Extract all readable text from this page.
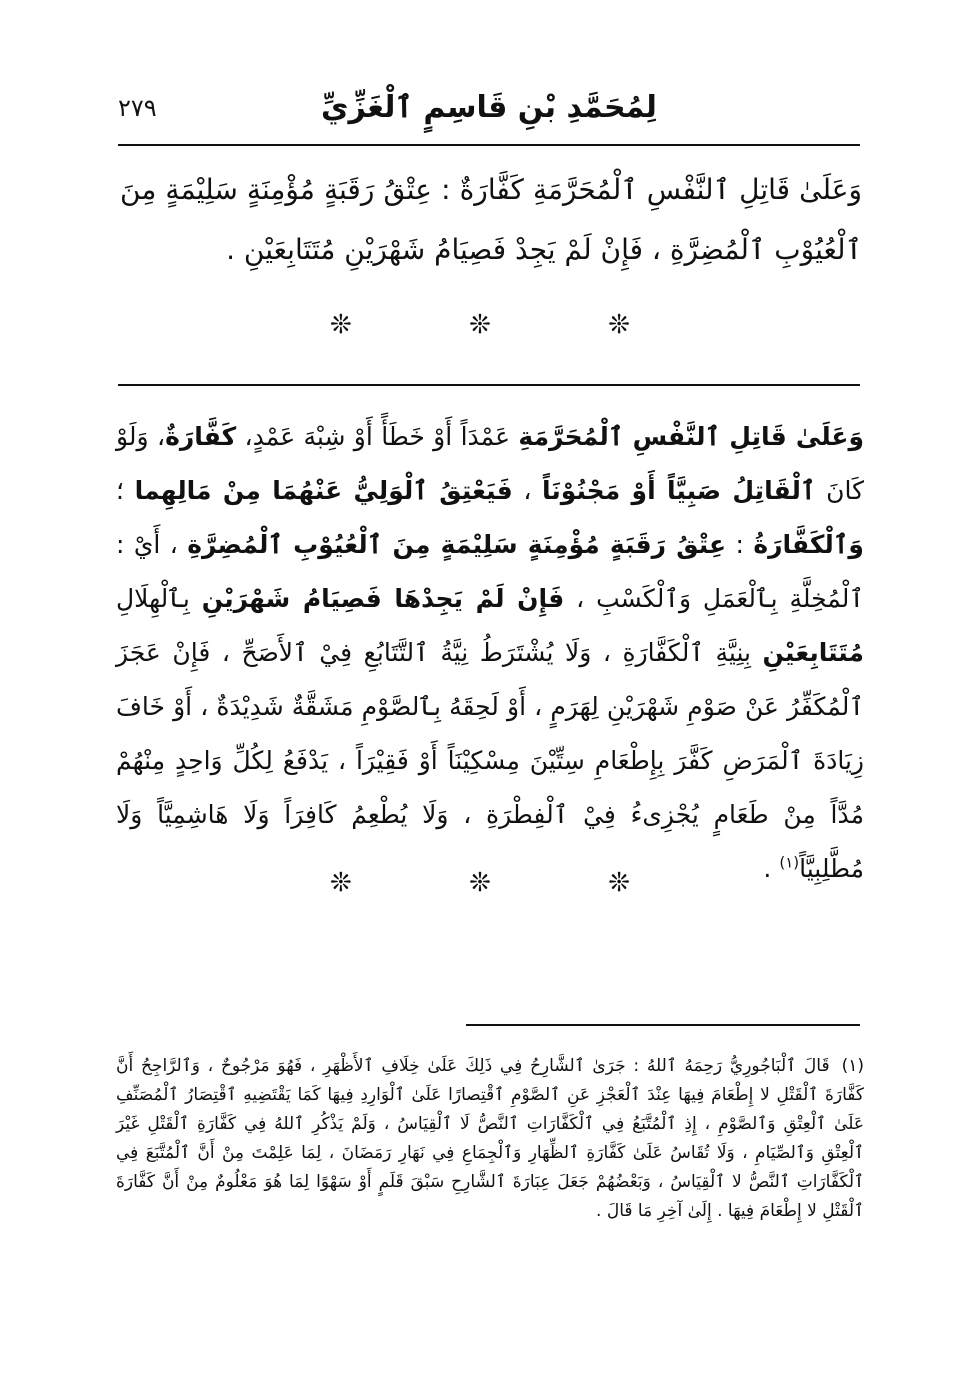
لِمُحَمَّدِ بْنِ قَاسِمٍ ٱلْغَزِّيِّ
٢٧٩
وَعَلَىٰ قَاتِلِ ٱلنَّفْسِ ٱلْمُحَرَّمَةِ كَفَّارَةٌ : عِتْقُ رَقَبَةٍ مُؤْمِنَةٍ سَلِيْمَةٍ مِنَ ٱلْعُيُوْبِ ٱلْمُضِرَّةِ ، فَإِنْ لَمْ يَجِدْ فَصِيَامُ شَهْرَيْنِ مُتَتَابِعَيْنِ .
❊	❊	❊

وَعَلَىٰ قَاتِلِ ٱلنَّفْسِ ٱلْمُحَرَّمَةِ عَمْدَاً أَوْ خَطَأً أَوْ شِبْهَ عَمْدٍ، كَفَّارَةٌ، وَلَوْ كَانَ ٱلْقَاتِلُ صَبِيَّاً أَوْ مَجْنُوْنَاً ، فَيَعْتِقُ ٱلْوَلِيُّ عَنْهُمَا مِنْ مَالِهِما ؛ وَٱلْكَفَّارَةُ : عِتْقُ رَقَبَةٍ مُؤْمِنَةٍ سَلِيْمَةٍ مِنَ ٱلْعُيُوْبِ ٱلْمُضِرَّةِ ، أَيْ : ٱلْمُخِلَّةِ بِٱلْعَمَلِ وَٱلْكَسْبِ ، فَإِنْ لَمْ يَجِدْهَا فَصِيَامُ شَهْرَيْنِ بِٱلْهِلَالِ مُتَتَابِعَيْنِ بِنِيَّةِ ٱلْكَفَّارَةِ ، وَلَا يُشْتَرَطُ نِيَّةُ ٱلتَّتَابُعِ فِيْ ٱلأَصَحِّ ، فَإِنْ عَجَزَ ٱلْمُكَفِّرُ عَنْ صَوْمِ شَهْرَيْنِ لِهَرَمٍ ، أَوْ لَحِقَهُ بِٱلصَّوْمِ مَشَقَّةٌ شَدِيْدَةٌ ، أَوْ خَافَ زِيَادَةَ ٱلْمَرَضِ كَفَّرَ بِإِطْعَامِ سِتِّيْنَ مِسْكِيْنَاً أَوْ فَقِيْرَاً ، يَدْفَعُ لِكُلِّ وَاحِدٍ مِنْهُمْ مُدَّاً مِنْ طَعَامٍ يُجْزِىءُ فِيْ ٱلْفِطْرَةِ ، وَلَا يُطْعِمُ كَافِرَاً وَلَا هَاشِمِيَّاً وَلَا مُطَّلِبِيَّاً$^{(١)}$ .

❊	❊	❊
(١)قَالَ ٱلْبَاجُورِيُّ رَحِمَهُ ٱللهُ : جَرَىٰ ٱلشَّارِحُ فِي ذَلِكَ عَلَىٰ خِلَافِ ٱلأَظْهَرِ ، فَهُوَ مَرْجُوحٌ ، وَٱلرَّاجِحُ أَنَّ كَفَّارَةَ ٱلْقَتْلِ لا إِطْعَامَ فِيهَا عِنْدَ ٱلْعَجْزِ عَنِ ٱلصَّوْمِ ٱقْتِصارًا عَلَىٰ ٱلْوَارِدِ فِيهَا كَمَا يَقْتَضِيهِ ٱقْتِصَارُ ٱلْمُصَنِّفِ عَلَىٰ ٱلْعِتْقِ وَٱلصَّوْمِ ، إِذِ ٱلْمُتَّبَعُ فِي ٱلْكَفَّارَاتِ ٱلنَّصُّ لَا ٱلْقِيَاسُ ، وَلَمْ يَذْكُرِ ٱللهُ فِي كَفَّارَةِ ٱلْقَتْلِ غَيْرَ ٱلْعِتْقِ وَٱلصِّيَامِ ، وَلَا تُقَاسُ عَلَىٰ كَفَّارَةِ ٱلظِّهَارِ وَٱلْجِمَاعِ فِي نَهَارِ رَمَضَانَ ، لِمَا عَلِمْتَ مِنْ أَنَّ ٱلْمُتَّبَعَ فِي ٱلْكَفَّارَاتِ ٱلنَّصُّ لا ٱلْقِيَاسُ ، وَبَعْضُهُمْ جَعَلَ عِبَارَةَ ٱلشَّارِحِ سَبْقَ قَلَمٍ أَوْ سَهْوًا لِمَا هُوَ مَعْلُومٌ مِنْ أَنَّ كَفَّارَةَ ٱلْقَتْلِ لا إِطْعَامَ فِيهَا . إِلَىٰ آخِرِ مَا قَالَ .
